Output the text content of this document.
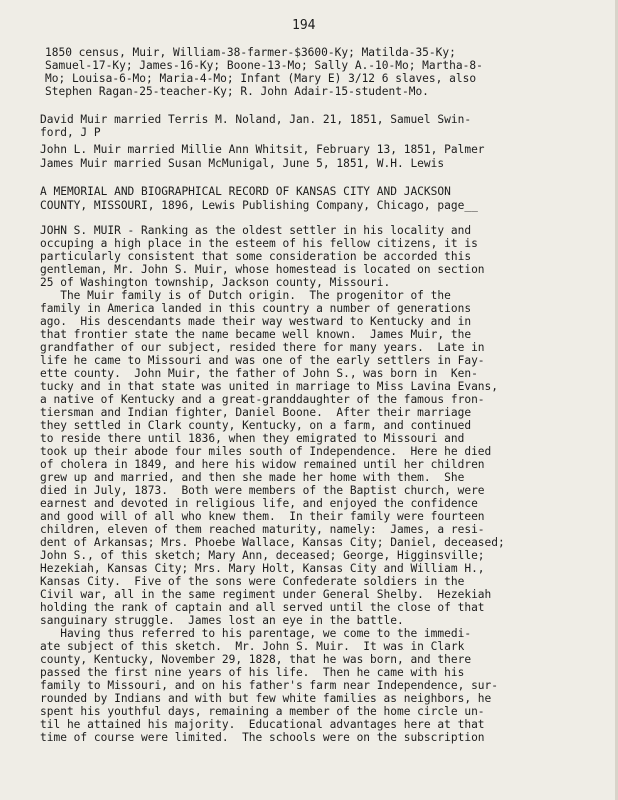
194
1850 census, Muir, William-38-farmer-$3600-Ky; Matilda-35-Ky;
Samuel-17-Ky; James-16-Ky; Boone-13-Mo; Sally A.-10-Mo; Martha-8-
Mo; Louisa-6-Mo; Maria-4-Mo; Infant (Mary E) 3/12 6 slaves, also
Stephen Ragan-25-teacher-Ky; R. John Adair-15-student-Mo.
David Muir married Terris M. Noland, Jan. 21, 1851, Samuel Swin-
ford, J P
John L. Muir married Millie Ann Whitsit, February 13, 1851, Palmer
James Muir married Susan McMunigal, June 5, 1851, W.H. Lewis
A MEMORIAL AND BIOGRAPHICAL RECORD OF KANSAS CITY AND JACKSON
COUNTY, MISSOURI, 1896, Lewis Publishing Company, Chicago, page__
JOHN S. MUIR - Ranking as the oldest settler in his locality and
occuping a high place in the esteem of his fellow citizens, it is
particularly consistent that some consideration be accorded this
gentleman, Mr. John S. Muir, whose homestead is located on section
25 of Washington township, Jackson county, Missouri.
The Muir family is of Dutch origin.  The progenitor of the
family in America landed in this country a number of generations
ago.  His descendants made their way westward to Kentucky and in
that frontier state the name became well known.  James Muir, the
grandfather of our subject, resided there for many years.  Late in
life he came to Missouri and was one of the early settlers in Fay-
ette county.  John Muir, the father of John S., was born in  Ken-
tucky and in that state was united in marriage to Miss Lavina Evans,
a native of Kentucky and a great-granddaughter of the famous fron-
tiersman and Indian fighter, Daniel Boone.  After their marriage
they settled in Clark county, Kentucky, on a farm, and continued
to reside there until 1836, when they emigrated to Missouri and
took up their abode four miles south of Independence.  Here he died
of cholera in 1849, and here his widow remained until her children
grew up and married, and then she made her home with them.  She
died in July, 1873.  Both were members of the Baptist church, were
earnest and devoted in religious life, and enjoyed the confidence
and good will of all who knew them.  In their family were fourteen
children, eleven of them reached maturity, namely:  James, a resi-
dent of Arkansas; Mrs. Phoebe Wallace, Kansas City; Daniel, deceased;
John S., of this sketch; Mary Ann, deceased; George, Higginsville;
Hezekiah, Kansas City; Mrs. Mary Holt, Kansas City and William H.,
Kansas City.  Five of the sons were Confederate soldiers in the
Civil war, all in the same regiment under General Shelby.  Hezekiah
holding the rank of captain and all served until the close of that
sanguinary struggle.  James lost an eye in the battle.
Having thus referred to his parentage, we come to the immedi-
ate subject of this sketch.  Mr. John S. Muir.  It was in Clark
county, Kentucky, November 29, 1828, that he was born, and there
passed the first nine years of his life.  Then he came with his
family to Missouri, and on his father's farm near Independence, sur-
rounded by Indians and with but few white families as neighbors, he
spent his youthful days, remaining a member of the home circle un-
til he attained his majority.  Educational advantages here at that
time of course were limited.  The schools were on the subscription
